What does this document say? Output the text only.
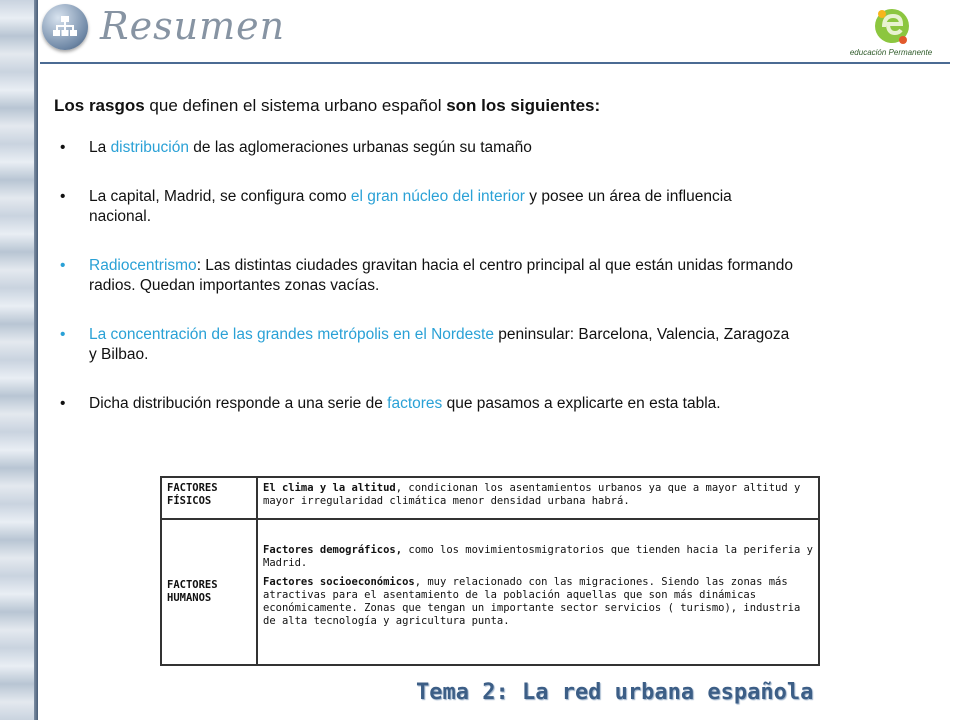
Resumen
educación Permanente

Los rasgos que definen el sistema urbano español son los siguientes:

• La distribución de las aglomeraciones urbanas según su tamaño
• La capital, Madrid, se configura como el gran núcleo del interior y posee un área de influencia nacional.
• Radiocentrismo: Las distintas ciudades gravitan hacia el centro principal al que están unidas formando radios. Quedan importantes zonas vacías.
• La concentración de las grandes metrópolis en el Nordeste peninsular: Barcelona, Valencia, Zaragoza y Bilbao.
• Dicha distribución responde a una serie de factores que pasamos a explicarte en esta tabla.
FACTORES FÍSICOS	El clima y la altitud, condicionan los asentamientos urbanos ya que a mayor altitud y mayor irregularidad climática menor densidad urbana habrá.
FACTORES HUMANOS	Factores demográficos, como los movimientosmigratorios que tienden hacia la periferia y Madrid.

Factores socioeconómicos, muy relacionado con las migraciones. Siendo las zonas más atractivas para el asentamiento de la población aquellas que son más dinámicas económicamente. Zonas que tengan un importante sector servicios ( turismo), industria de alta tecnología y agricultura punta.

Tema 2: La red urbana española
